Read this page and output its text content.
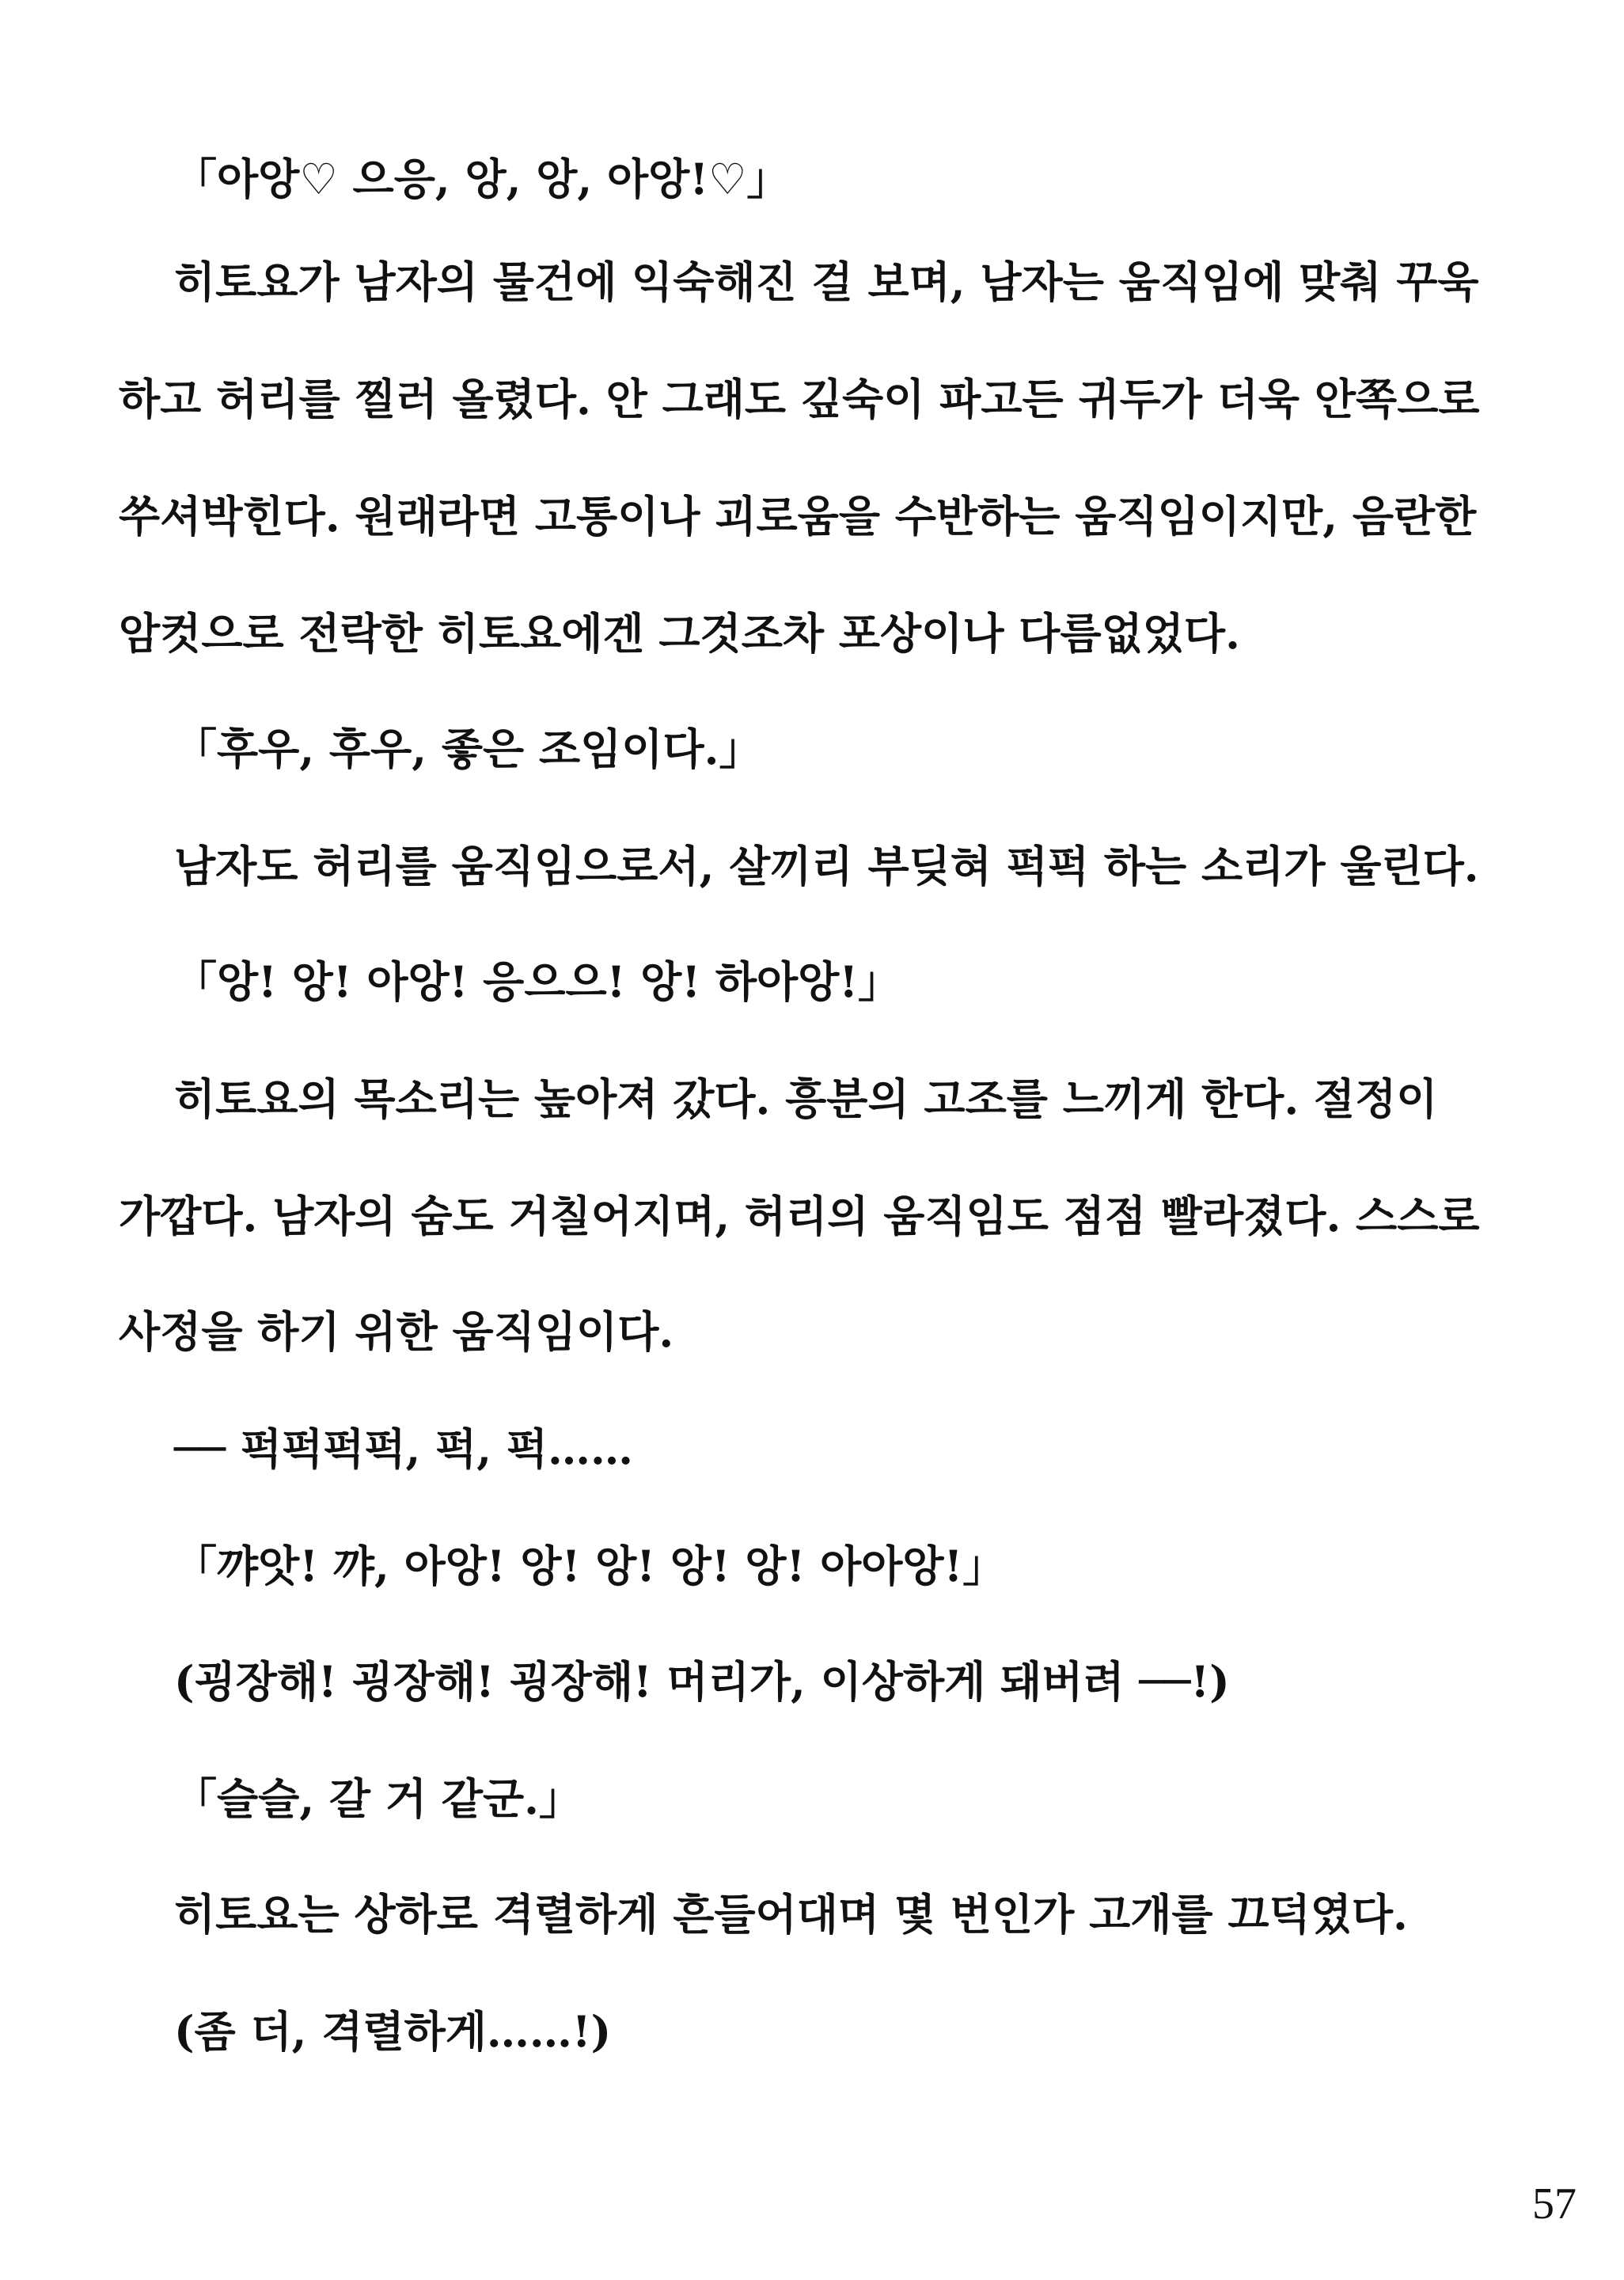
「아앙♡ 으응, 앙, 앙, 아앙!♡」
히토요가 남자의 물건에 익숙해진 걸 보며, 남자는 움직임에 맞춰 꾸욱
하고 허리를 찔러 올렸다. 안 그래도 깊숙이 파고든 귀두가 더욱 안쪽으로
쑤셔박힌다. 원래라면 고통이나 괴로움을 수반하는 움직임이지만, 음란한
암컷으로 전락한 히토요에겐 그것조차 포상이나 다름없었다.
「후우, 후우, 좋은 조임이다.」
남자도 허리를 움직임으로서, 살끼리 부딪혀 퍽퍽 하는 소리가 울린다.
「앙! 앙! 아앙! 응으으! 앙! 하아앙!」
히토요의 목소리는 높아져 갔다. 흥분의 고조를 느끼게 한다. 절정이
가깝다. 남자의 숨도 거칠어지며, 허리의 움직임도 점점 빨라졌다. 스스로
사정을 하기 위한 움직임이다.
── 퍽퍽퍽퍽, 퍽, 퍽……
「꺄앗! 꺄, 아앙! 앙! 앙! 앙! 앙! 아아앙!」
(굉장해! 굉장해! 굉장해! 머리가, 이상하게 돼버려 ──!)
「슬슬, 갈 거 같군.」
히토요는 상하로 격렬하게 흔들어대며 몇 번인가 고개를 끄덕였다.
(좀 더, 격렬하게……!)
57
